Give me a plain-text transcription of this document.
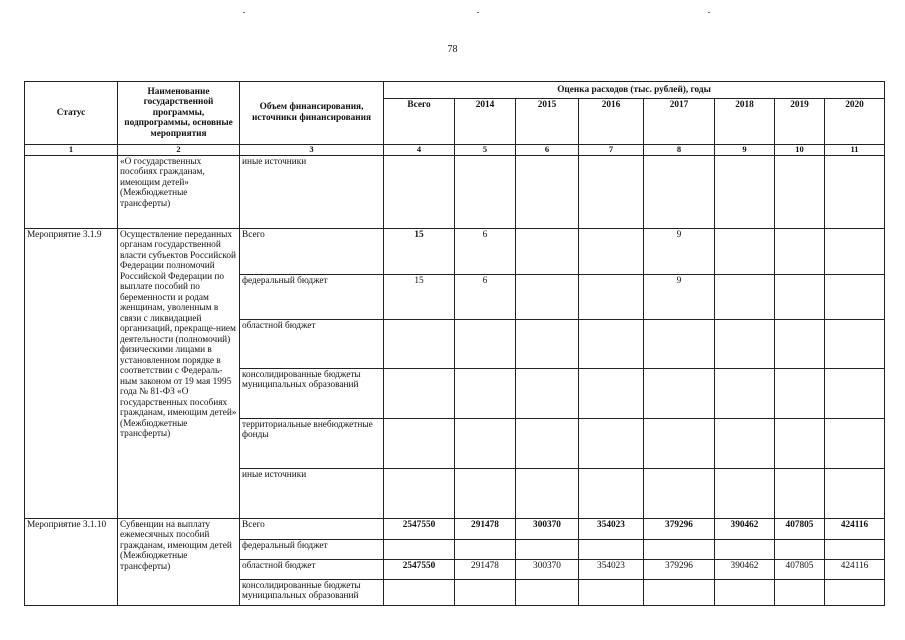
78
Статус	Наименование государственной программы, подпрограммы, основные мероприятия	Объем финансирования, источники финансирования	Оценка расходов (тыс. рублей), годы							
			Всего	2014	2015	2016	2017	2018	2019	2020
1	2	3	4	5	6	7	8	9	10	11
	«О государственных пособиях гражданам, имеющим детей» (Межбюджетные трансферты)	иные источники								
Мероприятие 3.1.9	Осуществление переданных органам государственной власти субъектов Российской Федерации полномочий Российской Федерации по выплате пособий по беременности и родам женщинам, уволенным в связи с ликвидацией организаций, прекраще-нием деятельности (полномочий) физическими лицами в установленном порядке в соответствии с Федераль-ным законом от 19 мая 1995 года № 81-ФЗ «О государственных пособиях гражданам, имеющим детей» (Межбюджетные трансферты)	Всего	15	6			9			
		федеральный бюджет	15	6			9			
		областной бюджет								
		консолидированные бюджеты муниципальных образований								
		территориальные внебюджетные фонды								
		иные источники								
Мероприятие 3.1.10	Субвенции на выплату ежемесячных пособий гражданам, имеющим детей (Межбюджетные трансферты)	Всего	2547550	291478	300370	354023	379296	390462	407805	424116
		федеральный бюджет								
		областной бюджет	2547550	291478	300370	354023	379296	390462	407805	424116
		консолидированные бюджеты муниципальных образований								
